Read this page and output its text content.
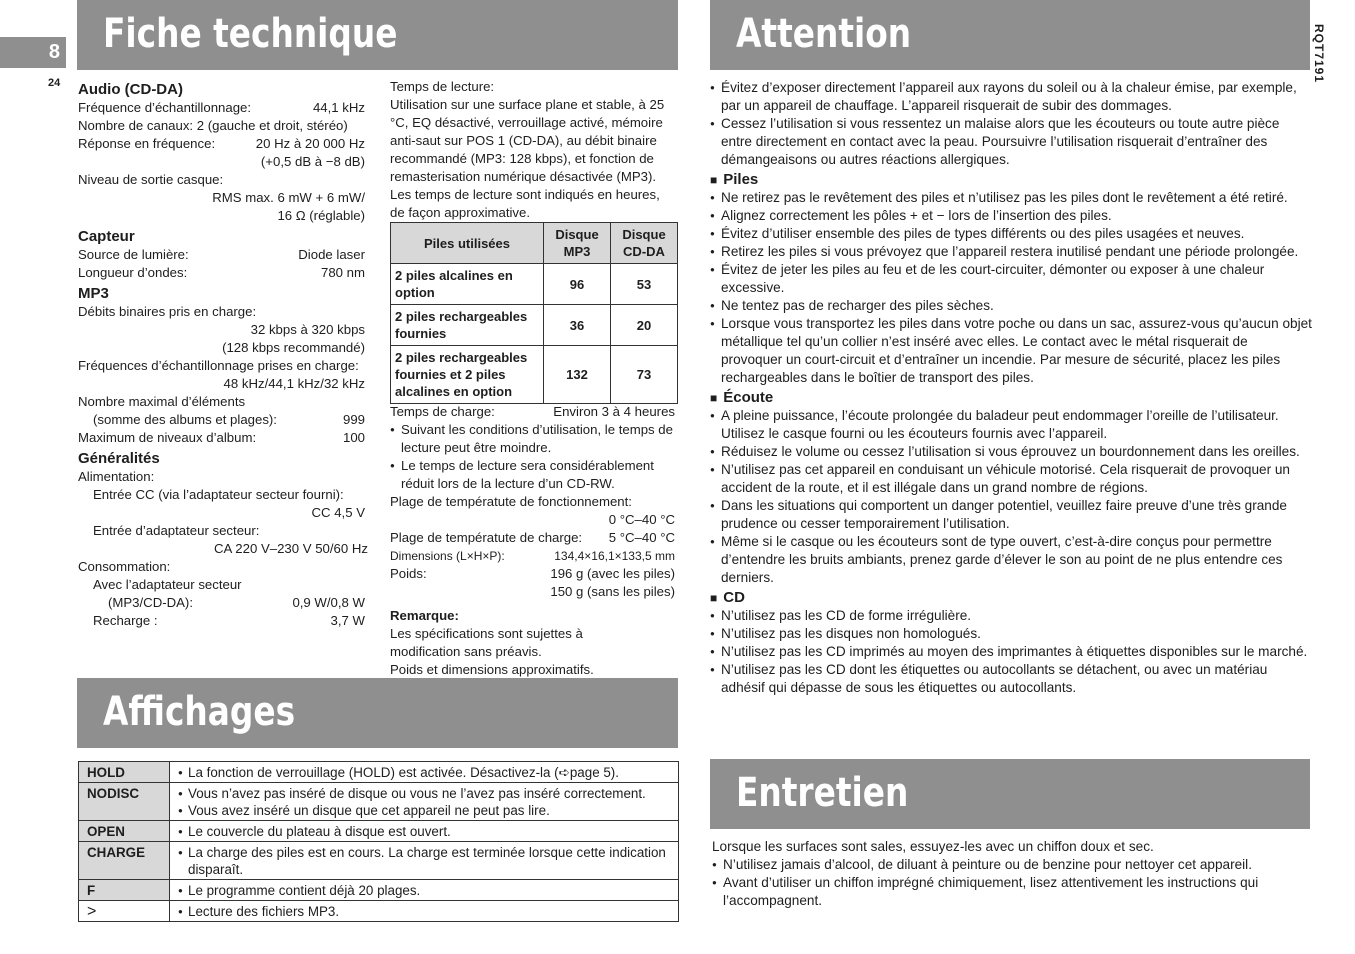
8
24	RQT7191
Fiche technique	Attention
Affichages
Entretien
Audio (CD-DA)
Fréquence d’échantillonnage:	44,1 kHz
Nombre de canaux: 2 (gauche et droit, stéréo)
Réponse en fréquence:	20 Hz à 20 000 Hz
(+0,5 dB à −8 dB)
Niveau de sortie casque:
RMS max. 6 mW + 6 mW/
16 Ω (réglable)
Capteur
Source de lumière:	Diode laser
Longueur d’ondes:	780 nm
MP3
Débits binaires pris en charge:
32 kbps à 320 kbps
(128 kbps recommandé)
Fréquences d’échantillonnage prises en charge:
48 kHz/44,1 kHz/32 kHz
Nombre maximal d’éléments
(somme des albums et plages):	999
Maximum de niveaux d’album:	100
Généralités
Alimentation:
Entrée CC (via l’adaptateur secteur fourni):
CC 4,5 V
Entrée d’adaptateur secteur:
CA 220 V–230 V 50/60 Hz
Consommation:
Avec l’adaptateur secteur
(MP3/CD-DA):	0,9 W/0,8 W
Recharge :	3,7 W
Temps de lecture:
Utilisation sur une surface plane et stable, à 25 °C, EQ désactivé, verrouillage activé, mémoire anti-saut sur POS 1 (CD-DA), au débit binaire recommandé (MP3: 128 kbps), et fonction de remasterisation numérique désactivée (MP3). Les temps de lecture sont indiqués en heures, de façon approximative.
Piles utilisées	Disque MP3	Disque CD-DA
2 piles alcalines en option	96	53
2 piles rechargeables fournies	36	20
2 piles rechargeables fournies et 2 piles alcalines en option	132	73
Temps de charge:	Environ 3 à 4 heures
● Suivant les conditions d’utilisation, le temps de lecture peut être moindre.
● Le temps de lecture sera considérablement réduit lors de la lecture d’un CD-RW.
Plage de températute de fonctionnement:
0 °C–40 °C
Plage de températute de charge: 5 °C–40 °C
Dimensions (L×H×P):	134,4×16,1×133,5 mm
Poids:	196 g (avec les piles)
150 g (sans les piles)
Remarque:
Les spécifications sont sujettes à
modification sans préavis.
Poids et dimensions approximatifs.
HOLD	● La fonction de verrouillage (HOLD) est activée. Désactivez-la (➪page 5).

NODISC	● Vous n’avez pas inséré de disque ou vous ne l’avez pas inséré correctement.
● Vous avez inséré un disque que cet appareil ne peut pas lire.

OPEN	● Le couvercle du plateau à disque est ouvert.

CHARGE	● La charge des piles est en cours. La charge est terminée lorsque cette indication disparaît.

F	● Le programme contient déjà 20 plages.

>	● Lecture des fichiers MP3.
● Évitez d’exposer directement l’appareil aux rayons du soleil ou à la chaleur émise, par exemple, par un appareil de chauffage. L’appareil risquerait de subir des dommages.
● Cessez l’utilisation si vous ressentez un malaise alors que les écouteurs ou toute autre pièce entre directement en contact avec la peau. Poursuivre l’utilisation risquerait d’entraîner des démangeaisons ou autres réactions allergiques.
■ Piles
● Ne retirez pas le revêtement des piles et n’utilisez pas les piles dont le revêtement a été retiré.
● Alignez correctement les pôles + et − lors de l’insertion des piles.
● Évitez d’utiliser ensemble des piles de types différents ou des piles usagées et neuves.
● Retirez les piles si vous prévoyez que l’appareil restera inutilisé pendant une période prolongée.
● Évitez de jeter les piles au feu et de les court-circuiter, démonter ou exposer à une chaleur excessive.
● Ne tentez pas de recharger des piles sèches.
● Lorsque vous transportez les piles dans votre poche ou dans un sac, assurez-vous qu’aucun objet métallique tel qu’un collier n’est inséré avec elles. Le contact avec le métal risquerait de provoquer un court-circuit et d’entraîner un incendie. Par mesure de sécurité, placez les piles rechargeables dans le boîtier de transport des piles.
■ Écoute
● A pleine puissance, l’écoute prolongée du baladeur peut endommager l’oreille de l’utilisateur. Utilisez le casque fourni ou les écouteurs fournis avec l’appareil.
● Réduisez le volume ou cessez l’utilisation si vous éprouvez un bourdonnement dans les oreilles.
● N’utilisez pas cet appareil en conduisant un véhicule motorisé. Cela risquerait de provoquer un accident de la route, et il est illégale dans un grand nombre de régions.
● Dans les situations qui comportent un danger potentiel, veuillez faire preuve d’une très grande prudence ou cesser temporairement l’utilisation.
● Même si le casque ou les écouteurs sont de type ouvert, c’est-à-dire conçus pour permettre d’entendre les bruits ambiants, prenez garde d’élever le son au point de ne plus entendre ces derniers.
■ CD
● N’utilisez pas les CD de forme irrégulière.
● N’utilisez pas les disques non homologués.
● N’utilisez pas les CD imprimés au moyen des imprimantes à étiquettes disponibles sur le marché.
● N’utilisez pas les CD dont les étiquettes ou autocollants se détachent, ou avec un matériau adhésif qui dépasse de sous les étiquettes ou autocollants.
Lorsque les surfaces sont sales, essuyez-les avec un chiffon doux et sec.
● N’utilisez jamais d’alcool, de diluant à peinture ou de benzine pour nettoyer cet appareil.
● Avant d’utiliser un chiffon imprégné chimiquement, lisez attentivement les instructions qui l’accompagnent.
